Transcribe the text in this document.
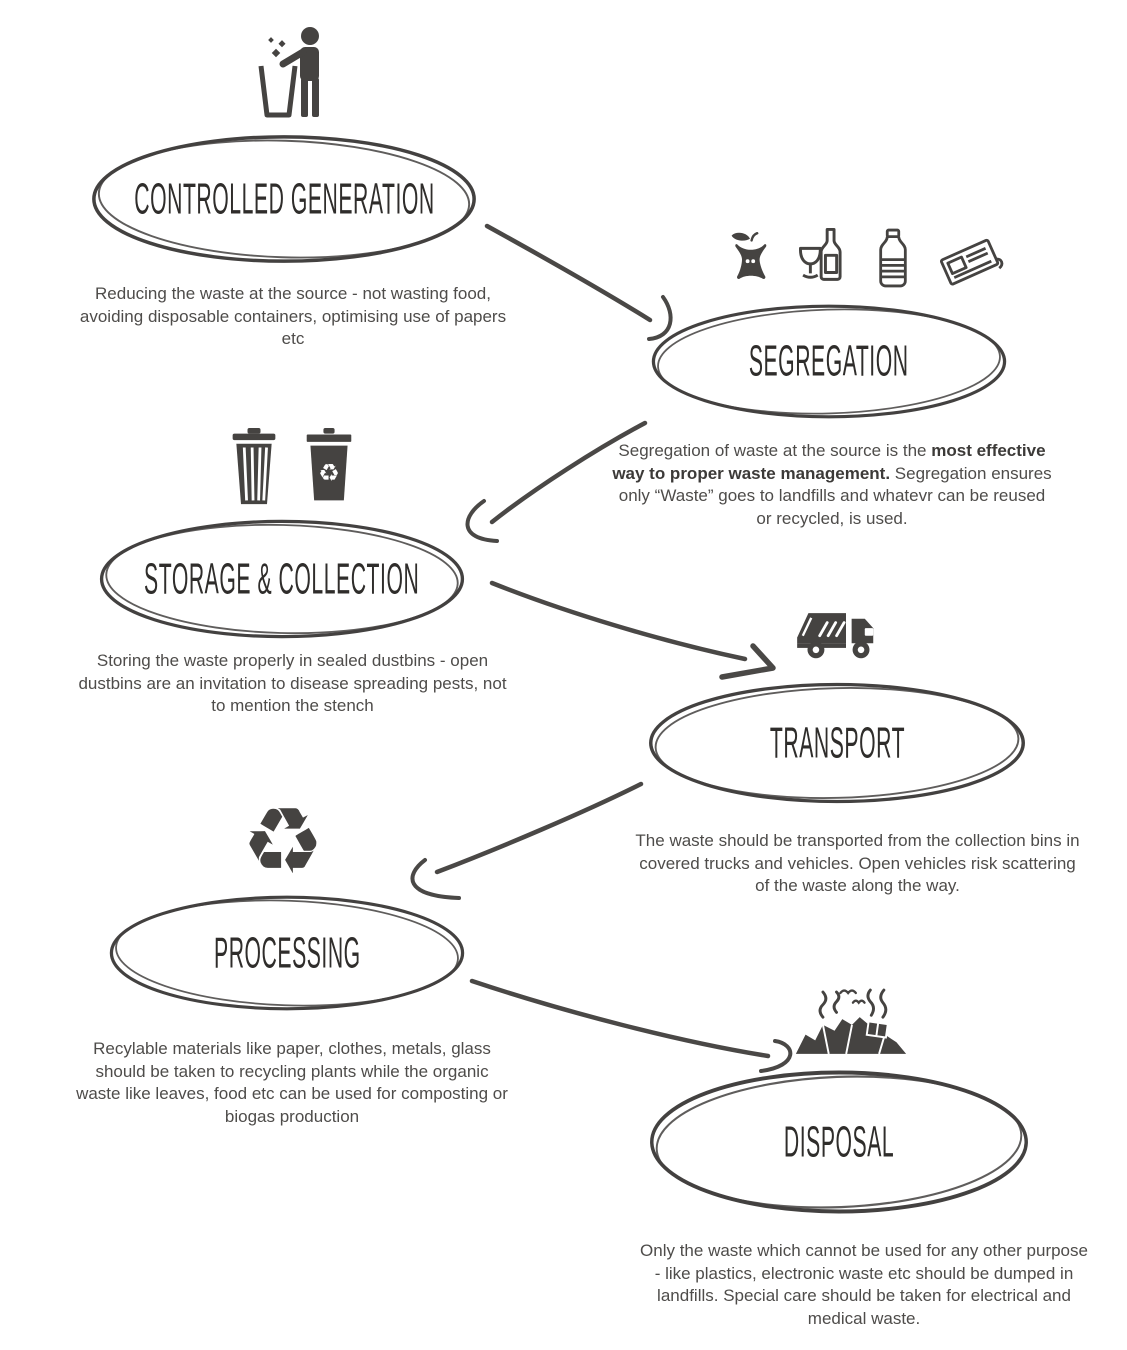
CONTROLLED GENERATION

Reducing the waste at the source - not wasting food, avoiding disposable containers, optimising use of papers etc	SEGREGATION

Segregation of waste at the source is the most effective way to proper waste management. Segregation ensures only “Waste” goes to landfills and whatevr can be reused or recycled, is used.

♻
STORAGE & COLLECTION

Storing the waste properly in sealed dustbins - open dustbins are an invitation to disease spreading pests, not to mention the stench

TRANSPORT

The waste should be transported from the collection bins in covered trucks and vehicles. Open vehicles risk scattering of the waste along the way.

♻
PROCESSING

Recylable materials like paper, clothes, metals, glass should be taken to recycling plants while the organic waste like leaves, food etc can be used for composting or biogas production

DISPOSAL

Only the waste which cannot be used for any other purpose - like plastics, electronic waste etc should be dumped in landfills. Special care should be taken for electrical and medical waste.
